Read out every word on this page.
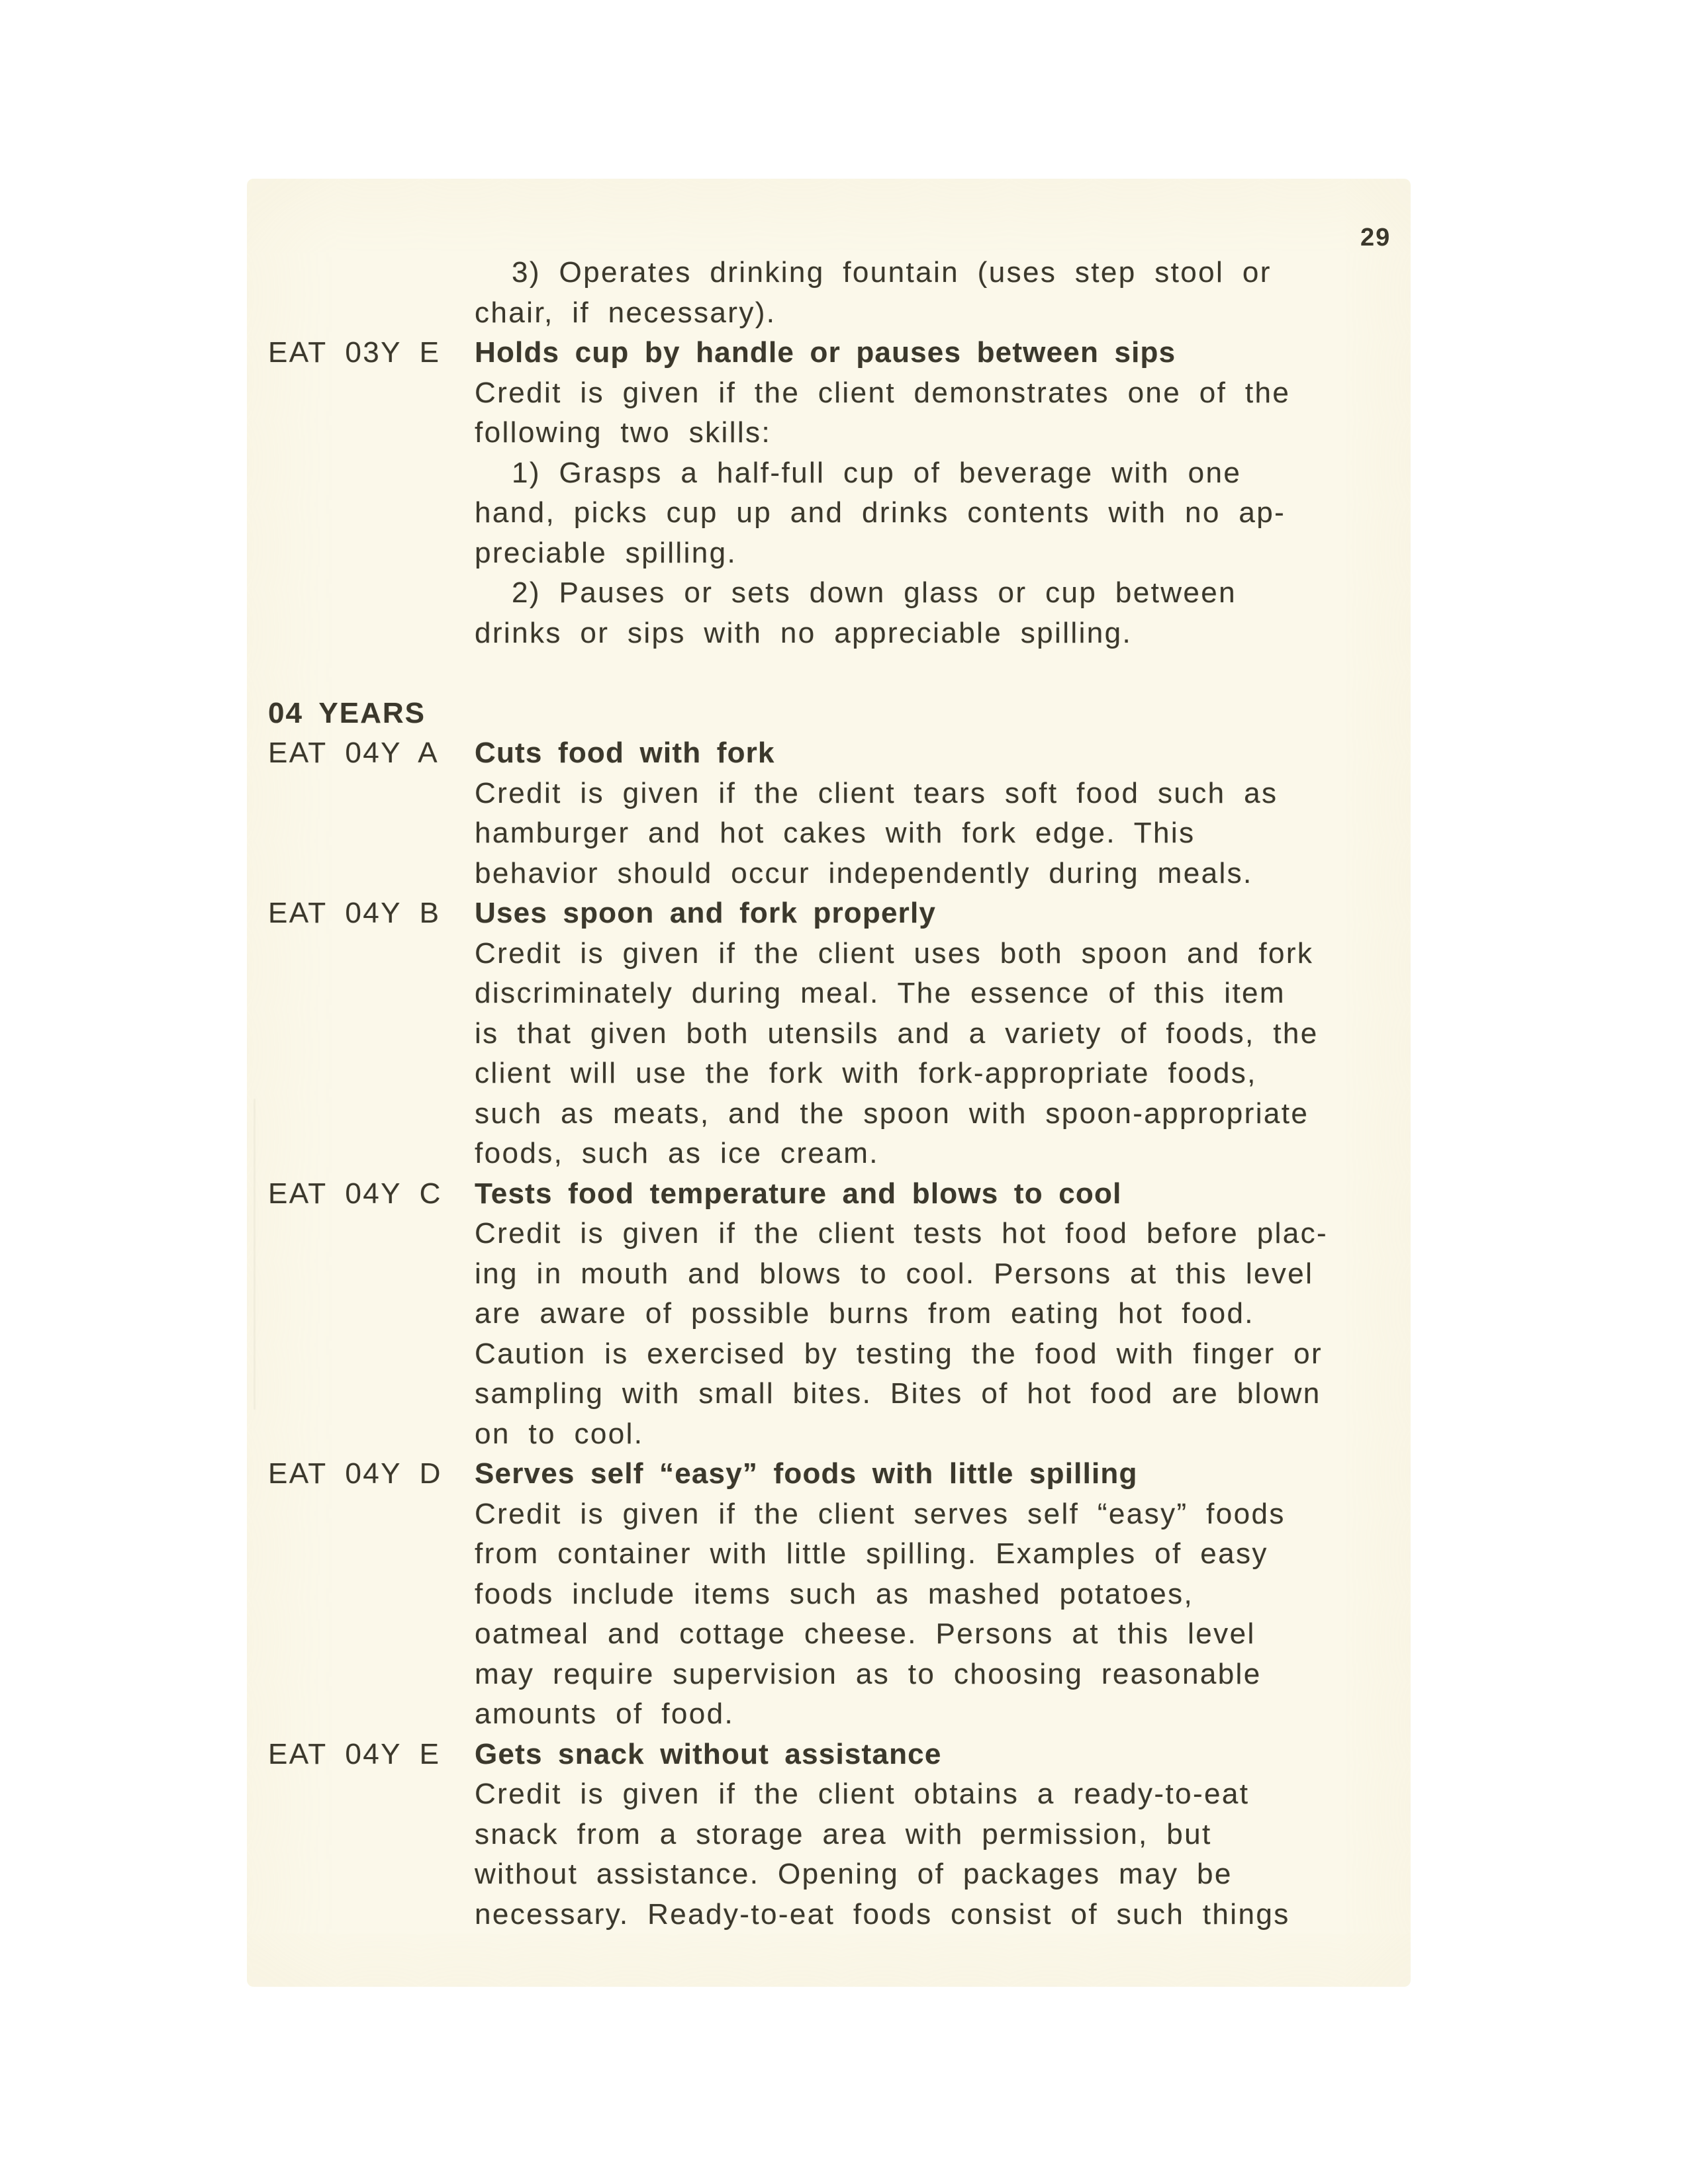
29
3) Operates drinking fountain (uses step stool or
chair, if necessary).
EAT 03Y E Holds cup by handle or pauses between sips
Credit is given if the client demonstrates one of the
following two skills:
1) Grasps a half-full cup of beverage with one
hand, picks cup up and drinks contents with no ap-
preciable spilling.
2) Pauses or sets down glass or cup between
drinks or sips with no appreciable spilling.
04 YEARS
EAT 04Y A Cuts food with fork
Credit is given if the client tears soft food such as
hamburger and hot cakes with fork edge. This
behavior should occur independently during meals.
EAT 04Y B Uses spoon and fork properly
Credit is given if the client uses both spoon and fork
discriminately during meal. The essence of this item
is that given both utensils and a variety of foods, the
client will use the fork with fork-appropriate foods,
such as meats, and the spoon with spoon-appropriate
foods, such as ice cream.
EAT 04Y C Tests food temperature and blows to cool
Credit is given if the client tests hot food before plac-
ing in mouth and blows to cool. Persons at this level
are aware of possible burns from eating hot food.
Caution is exercised by testing the food with finger or
sampling with small bites. Bites of hot food are blown
on to cool.
EAT 04Y D Serves self “easy” foods with little spilling
Credit is given if the client serves self “easy” foods
from container with little spilling. Examples of easy
foods include items such as mashed potatoes,
oatmeal and cottage cheese. Persons at this level
may require supervision as to choosing reasonable
amounts of food.
EAT 04Y E Gets snack without assistance
Credit is given if the client obtains a ready-to-eat
snack from a storage area with permission, but
without assistance. Opening of packages may be
necessary. Ready-to-eat foods consist of such things
